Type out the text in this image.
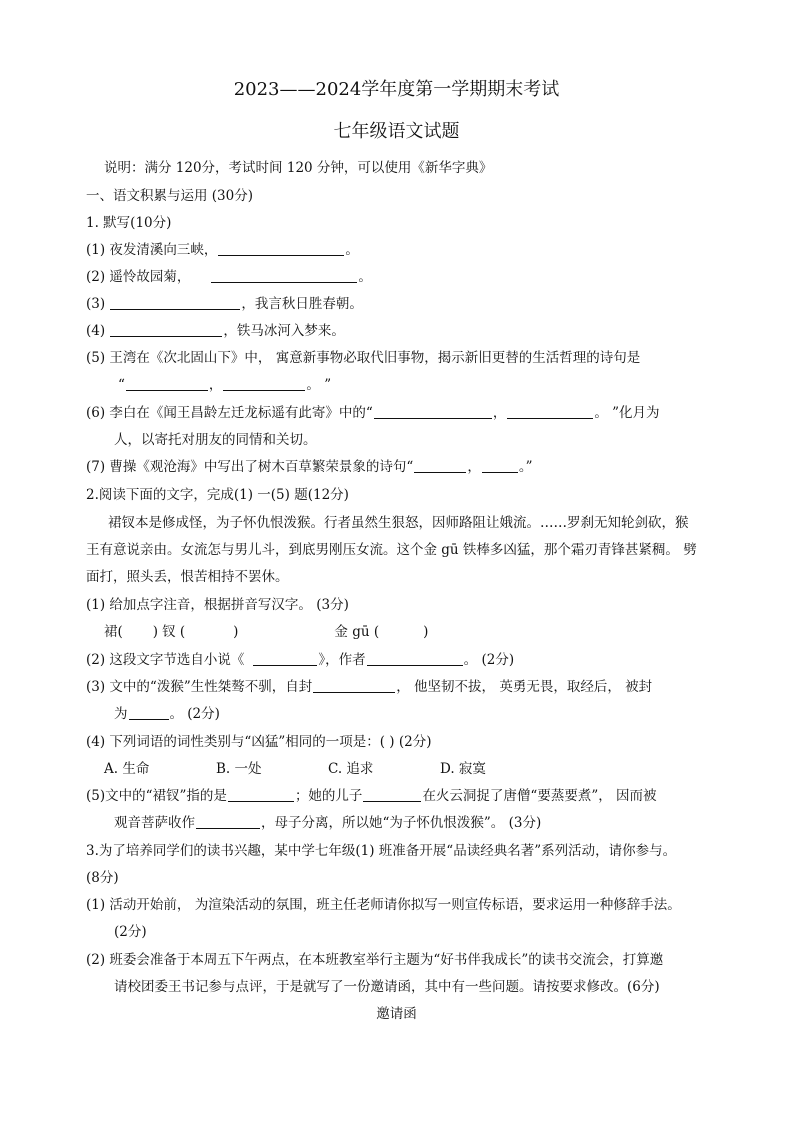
2023——2024学年度第一学期期末考试
七年级语文试题
说明：满分 120分，考试时间 120 分钟，可以使用《新华字典》
一、语文积累与运用 (30分)
1. 默写(10分)
(1) 夜发清溪向三峡，	。
(2) 遥怜故园菊，	。
(3)	，我言秋日胜春朝。
(4)	，铁马冰河入梦来。
(5) 王湾在《次北固山下》中， 寓意新事物必取代旧事物，揭示新旧更替的生活哲理的诗句是
“	，	。 ”
(6) 李白在《闻王昌龄左迁龙标遥有此寄》中的“	，	。 ”化月为
人，以寄托对朋友的同情和关切。
(7) 曹操《观沧海》中写出了树木百草繁荣景象的诗句“	，	。”
2.阅读下面的文字，完成(1) 一(5) 题(12分)
裙钗本是修成怪，为子怀仇恨泼猴。行者虽然生狠怒，因师路阻让娥流。……罗刹无知轮剑砍，猴
王有意说亲由。女流怎与男儿斗，到底男刚压女流。这个金 gū 铁棒多凶猛，那个霜刃青锋甚紧稠。 劈
面打，照头丢，恨苦相持不罢休。
(1) 给加点字注音，根据拼音写汉字。 (3分)
裙( ) 钗 (	)	金 gū (	)
(2) 这段文字节选自小说《	》，作者	。 (2分)
(3) 文中的“泼猴”生性桀骜不驯，自封	， 他坚韧不拔， 英勇无畏，取经后， 被封
为	。 (2分)
(4) 下列词语的词性类别与“凶猛”相同的一项是：( ) (2分)
A. 生命	B. 一处	C. 追求	D. 寂寞
(5)文中的“裙钗”指的是	；她的儿子	在火云洞捉了唐僧“要蒸要煮”， 因而被
观音菩萨收作	，母子分离，所以她“为子怀仇恨泼猴”。 (3分)
3.为了培养同学们的读书兴趣，某中学七年级(1) 班准备开展“品读经典名著”系列活动，请你参与。
(8分)
(1) 活动开始前， 为渲染活动的氛围，班主任老师请你拟写一则宣传标语，要求运用一种修辞手法。
(2分)
(2) 班委会准备于本周五下午两点，在本班教室举行主题为“好书伴我成长”的读书交流会，打算邀
请校团委王书记参与点评，于是就写了一份邀请函，其中有一些问题。请按要求修改。(6分)
邀请函
